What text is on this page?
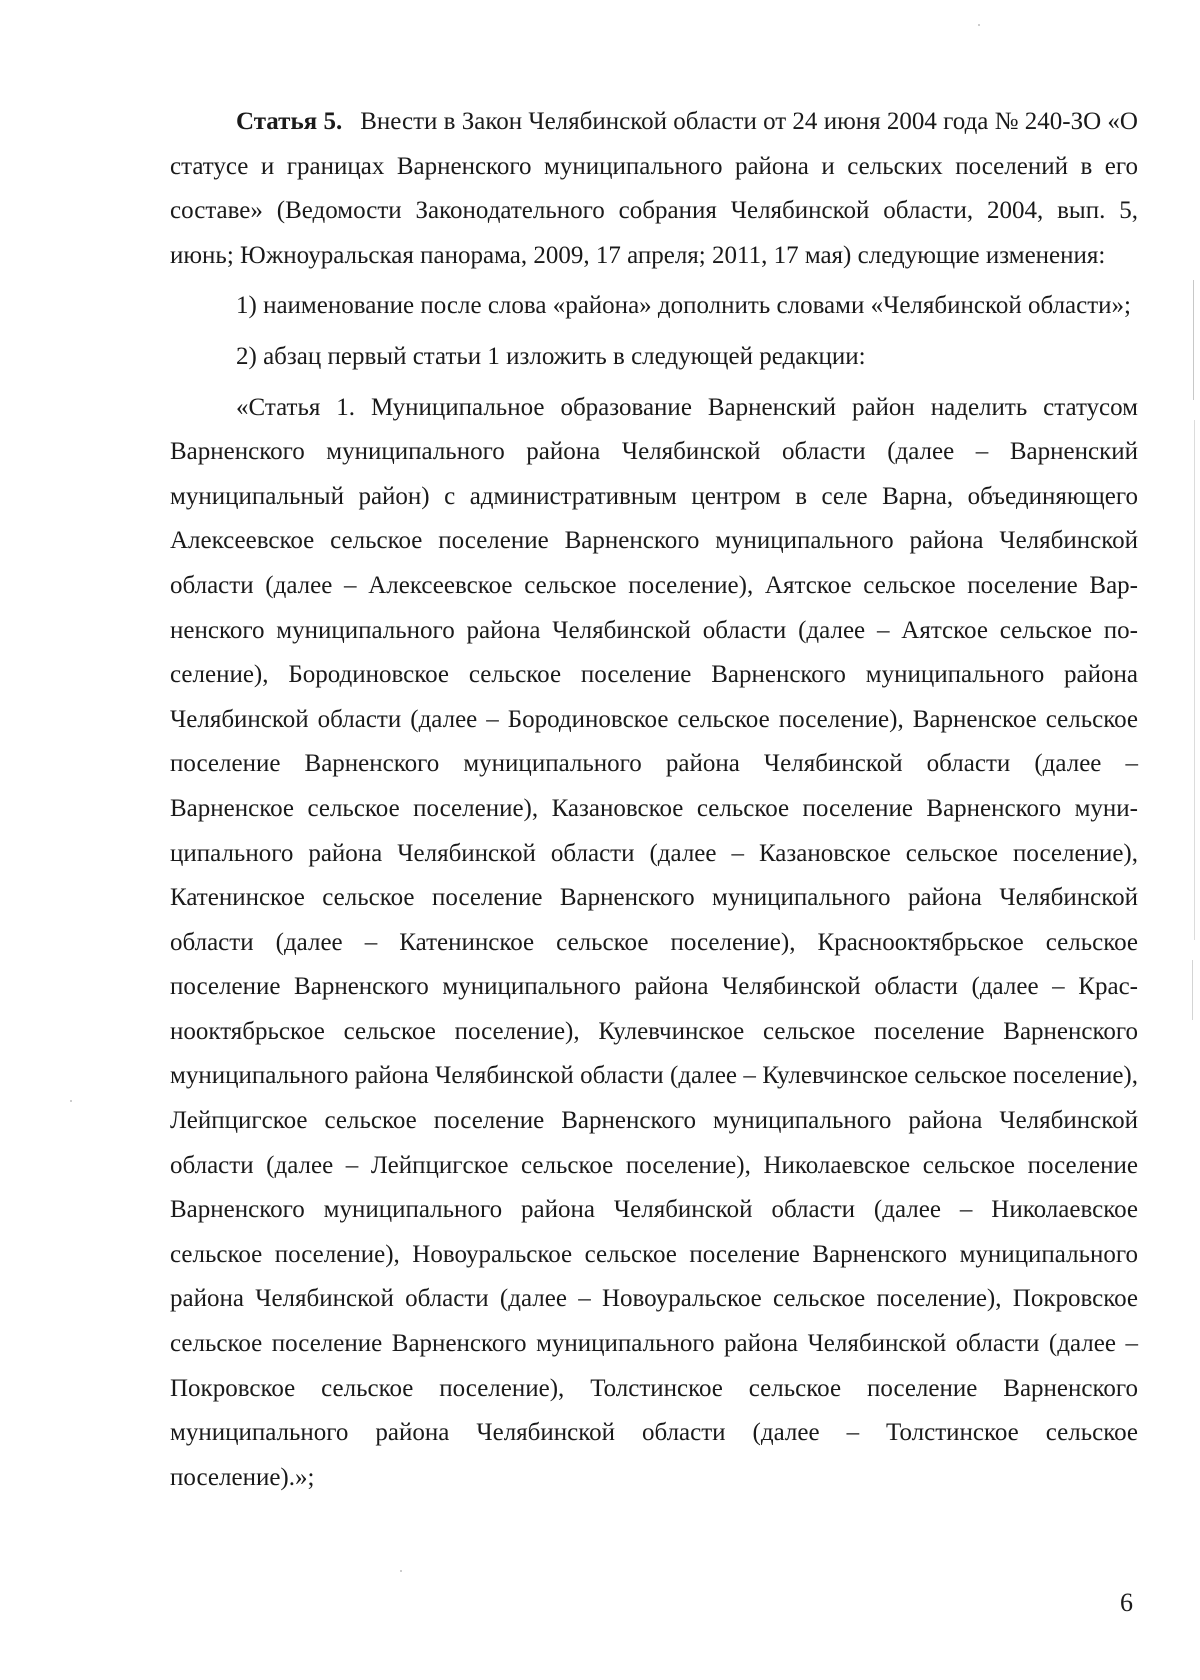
Статья 5. Внести в Закон Челябинской области от 24 июня 2004 года № 240-ЗО «О статусе и границах Варненского муниципального района и сельских поселений в его составе» (Ведомости Законодательного собрания Челябинской области, 2004, вып. 5, июнь; Южноуральская панорама, 2009, 17 апреля; 2011, 17 мая) следующие изменения:

1) наименование после слова «района» дополнить словами «Челябинской области»;

2) абзац первый статьи 1 изложить в следующей редакции:

«Статья 1. Муниципальное образование Варненский район наделить статусом Варненского муниципального района Челябинской области (далее – Варненский муниципальный район) с административным центром в селе Варна, объединяющего Алексеевское сельское поселение Варненского муниципального района Челябинской области (далее – Алексеевское сельское поселение), Аятское сельское поселение Варненского муниципального района Челябинской области (далее – Аятское сельское поселение), Бородиновское сельское поселение Варненского муниципального района Челябинской области (далее – Бородиновское сельское поселение), Варненское сельское поселение Варненского муниципального района Челябинской области (далее – Варненское сельское поселение), Казановское сельское поселение Варненского муниципального района Челябинской области (далее – Казановское сельское поселение), Катенинское сельское поселение Варненского муниципального района Челябинской области (далее – Катенинское сельское поселение), Краснооктябрьское сельское поселение Варненского муниципального района Челябинской области (далее – Краснооктябрьское сельское поселение), Кулевчинское сельское поселение Варненского муниципального района Челябинской области (далее – Кулевчинское сельское поселение), Лейпцигское сельское поселение Варненского муниципального района Челябинской области (далее – Лейпцигское сельское поселение), Николаевское сельское поселение Варненского муниципального района Челябинской области (далее – Николаевское сельское поселение), Новоуральское сельское поселение Варненского муниципального района Челябинской области (далее – Новоуральское сельское поселение), Покровское сельское поселение Варненского муниципального района Челябинской области (далее – Покровское сельское поселение), Толстинское сельское поселение Варненского муниципального района Челябинской области (далее – Толстинское сельское поселение).»;

6
